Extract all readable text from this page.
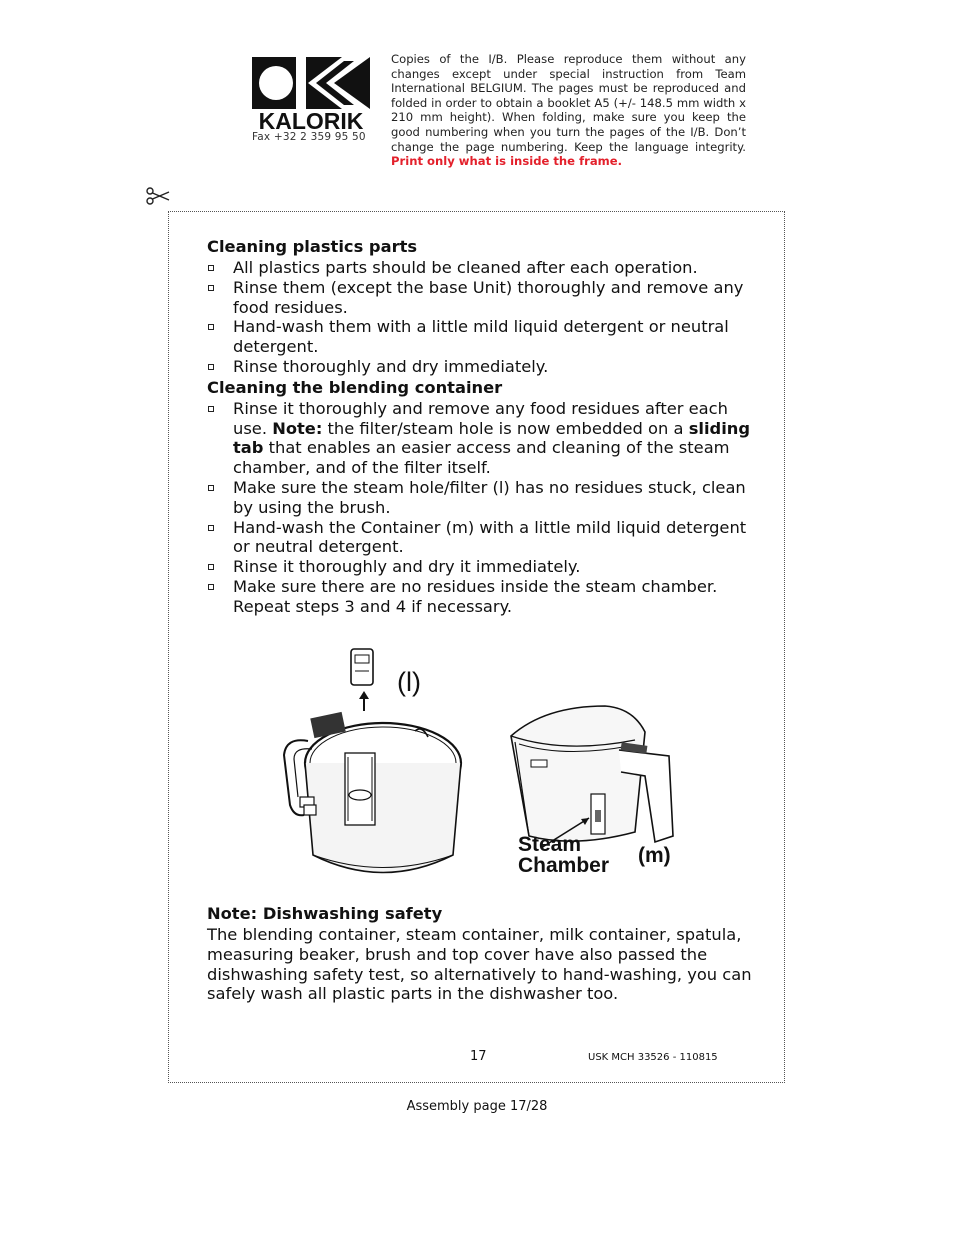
KALORIK
Fax +32 2 359 95 50
Copies of the I/B. Please reproduce them without any changes except under special instruction from Team International BELGIUM. The pages must be reproduced and folded in order to obtain a booklet A5 (+/- 148.5 mm width x 210 mm height). When folding, make sure you keep the good numbering when you turn the pages of the I/B. Don’t change the page numbering. Keep the language integrity. Print only what is inside the frame.
Cleaning plastics parts
All plastics parts should be cleaned after each operation.
Rinse them (except the base Unit) thoroughly and remove any food residues.
Hand-wash them with a little mild liquid detergent or neutral detergent.
Rinse thoroughly and dry immediately.
Cleaning the blending container
Rinse it thoroughly and remove any food residues after each use. Note: the filter/steam hole is now embedded on a sliding tab that enables an easier access and cleaning of the steam chamber, and of the filter itself.
Make sure the steam hole/filter (l) has no residues stuck, clean by using the brush.
Hand-wash the Container (m) with a little mild liquid detergent or neutral detergent.
Rinse it thoroughly and dry it immediately.
Make sure there are no residues inside the steam chamber. Repeat steps 3 and 4 if necessary.
(l)
Steam
Chamber (m)
Note: Dishwashing safety
The blending container, steam container, milk container, spatula, measuring beaker, brush and top cover have also passed the dishwashing safety test, so alternatively to hand-washing, you can safely wash all plastic parts in the dishwasher too.
17	USK MCH 33526 - 110815
Assembly page 17/28
